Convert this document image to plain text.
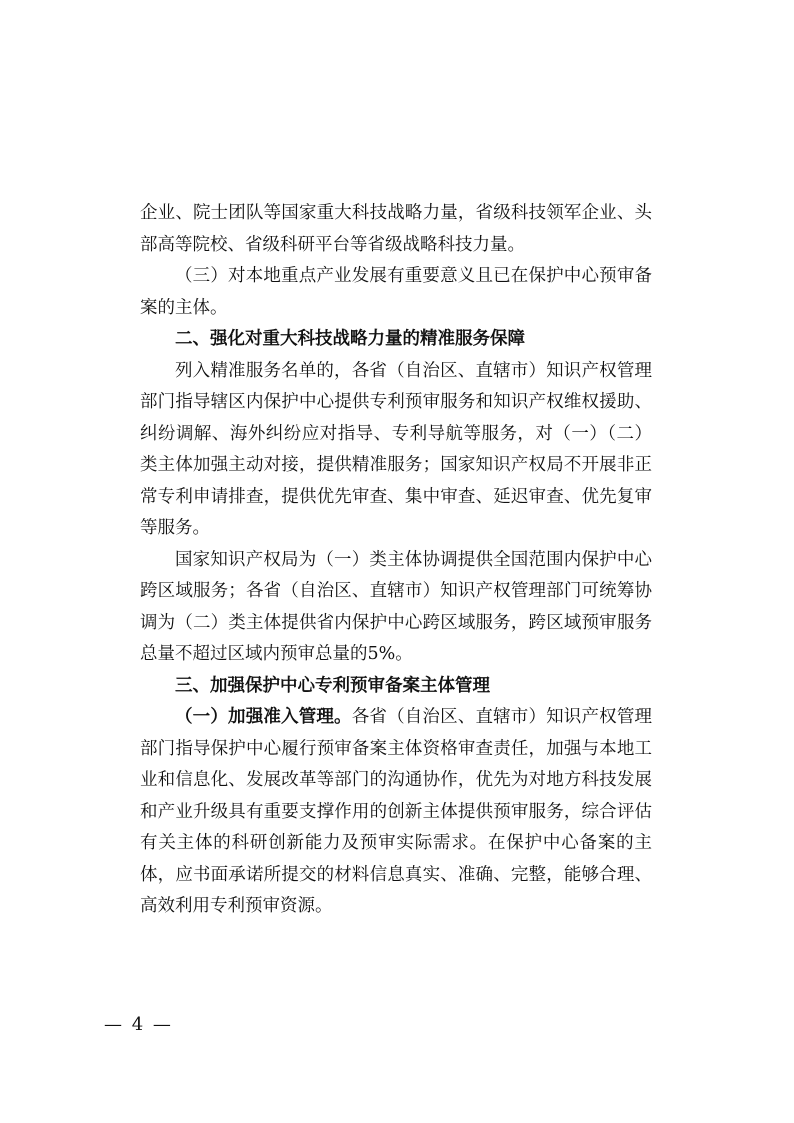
企业、院士团队等国家重大科技战略力量，省级科技领军企业、头部高等院校、省级科研平台等省级战略科技力量。

（三）对本地重点产业发展有重要意义且已在保护中心预审备案的主体。

二、强化对重大科技战略力量的精准服务保障

列入精准服务名单的，各省（自治区、直辖市）知识产权管理部门指导辖区内保护中心提供专利预审服务和知识产权维权援助、纠纷调解、海外纠纷应对指导、专利导航等服务，对（一）（二）类主体加强主动对接，提供精准服务；国家知识产权局不开展非正常专利申请排查，提供优先审查、集中审查、延迟审查、优先复审等服务。

国家知识产权局为（一）类主体协调提供全国范围内保护中心跨区域服务；各省（自治区、直辖市）知识产权管理部门可统筹协调为（二）类主体提供省内保护中心跨区域服务，跨区域预审服务总量不超过区域内预审总量的5%。

三、加强保护中心专利预审备案主体管理

（一）加强准入管理。各省（自治区、直辖市）知识产权管理部门指导保护中心履行预审备案主体资格审查责任，加强与本地工业和信息化、发展改革等部门的沟通协作，优先为对地方科技发展和产业升级具有重要支撑作用的创新主体提供预审服务，综合评估有关主体的科研创新能力及预审实际需求。在保护中心备案的主体，应书面承诺所提交的材料信息真实、准确、完整，能够合理、高效利用专利预审资源。

— 4 —
